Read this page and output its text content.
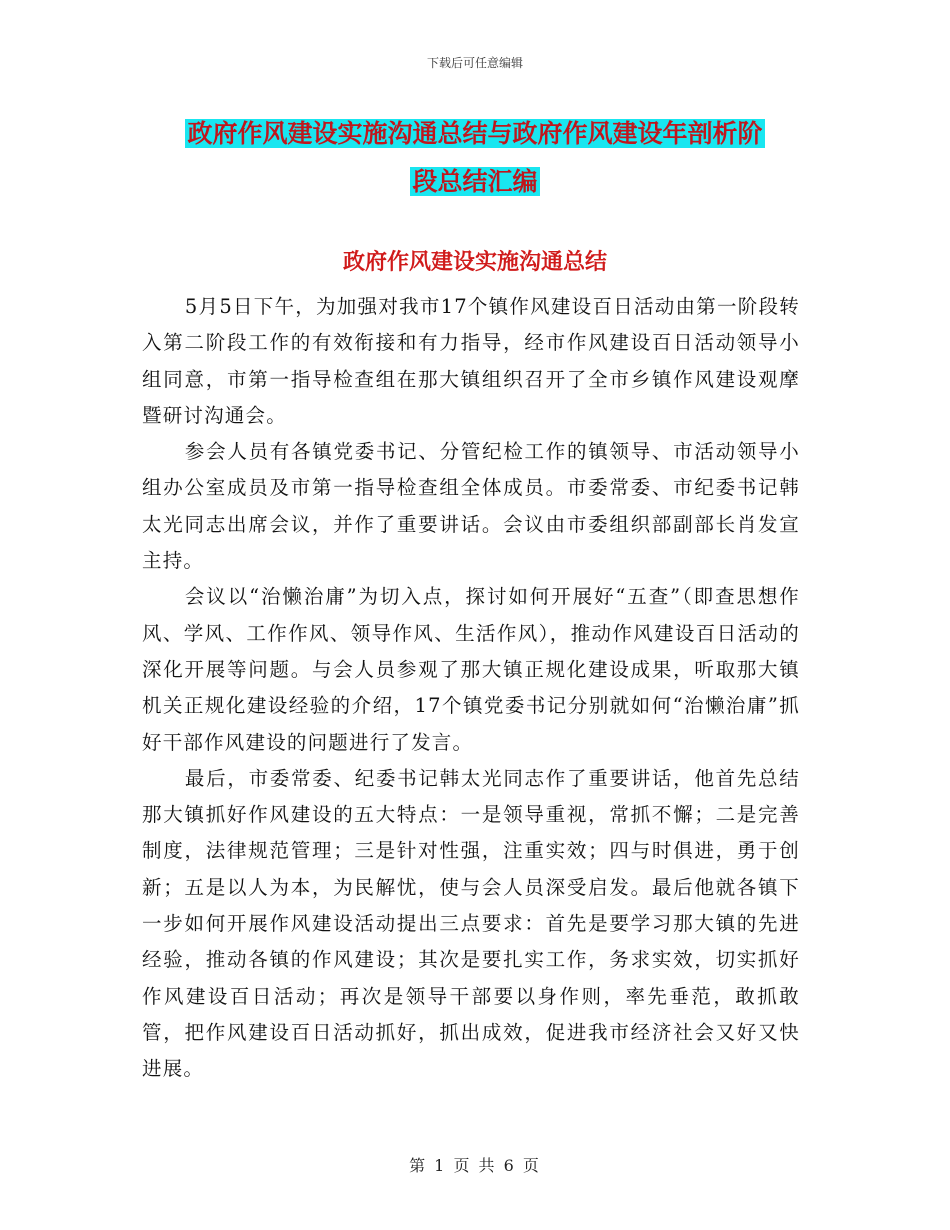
下载后可任意编辑
政府作风建设实施沟通总结与政府作风建设年剖析阶
段总结汇编
政府作风建设实施沟通总结

5月5日下午，为加强对我市17个镇作风建设百日活动由第一阶段转入第二阶段工作的有效衔接和有力指导，经市作风建设百日活动领导小组同意，市第一指导检查组在那大镇组织召开了全市乡镇作风建设观摩暨研讨沟通会。

参会人员有各镇党委书记、分管纪检工作的镇领导、市活动领导小组办公室成员及市第一指导检查组全体成员。市委常委、市纪委书记韩太光同志出席会议，并作了重要讲话。会议由市委组织部副部长肖发宣主持。

会议以“治懒治庸”为切入点，探讨如何开展好“五查”（即查思想作风、学风、工作作风、领导作风、生活作风），推动作风建设百日活动的深化开展等问题。与会人员参观了那大镇正规化建设成果，听取那大镇机关正规化建设经验的介绍，17个镇党委书记分别就如何“治懒治庸”抓好干部作风建设的问题进行了发言。

最后，市委常委、纪委书记韩太光同志作了重要讲话，他首先总结那大镇抓好作风建设的五大特点：一是领导重视，常抓不懈；二是完善制度，法律规范管理；三是针对性强，注重实效；四与时俱进，勇于创新；五是以人为本，为民解忧，使与会人员深受启发。最后他就各镇下一步如何开展作风建设活动提出三点要求：首先是要学习那大镇的先进经验，推动各镇的作风建设；其次是要扎实工作，务求实效，切实抓好作风建设百日活动；再次是领导干部要以身作则，率先垂范，敢抓敢管，把作风建设百日活动抓好，抓出成效，促进我市经济社会又好又快进展。

第 1 页 共 6 页
